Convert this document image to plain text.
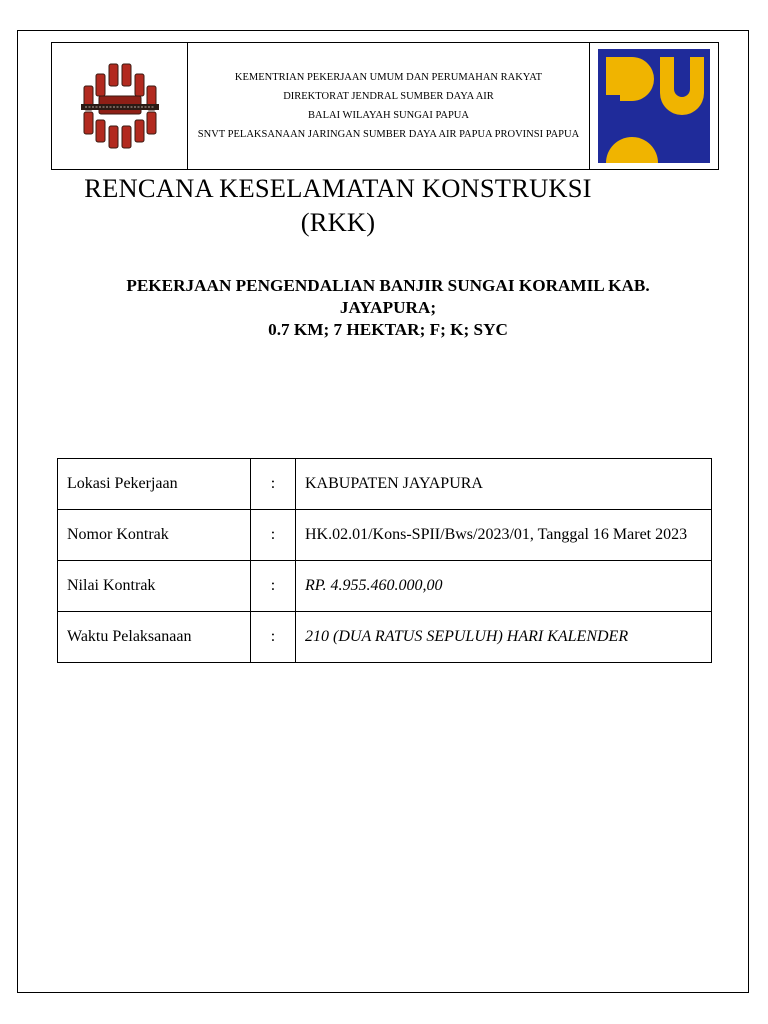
KEMENTRIAN PEKERJAAN UMUM DAN PERUMAHAN RAKYAT
DIREKTORAT JENDRAL SUMBER DAYA AIR
BALAI WILAYAH SUNGAI PAPUA
SNVT PELAKSANAAN JARINGAN SUMBER DAYA AIR PAPUA PROVINSI PAPUA
RENCANA KESELAMATAN KONSTRUKSI
(RKK)
PEKERJAAN PENGENDALIAN BANJIR SUNGAI KORAMIL KAB.
JAYAPURA;
0.7 KM; 7 HEKTAR; F; K; SYC
Lokasi Pekerjaan	:	KABUPATEN JAYAPURA
Nomor Kontrak	:	HK.02.01/Kons-SPII/Bws/2023/01, Tanggal 16 Maret 2023
Nilai Kontrak	:	RP. 4.955.460.000,00
Waktu Pelaksanaan	:	210 (DUA RATUS SEPULUH) HARI KALENDER
